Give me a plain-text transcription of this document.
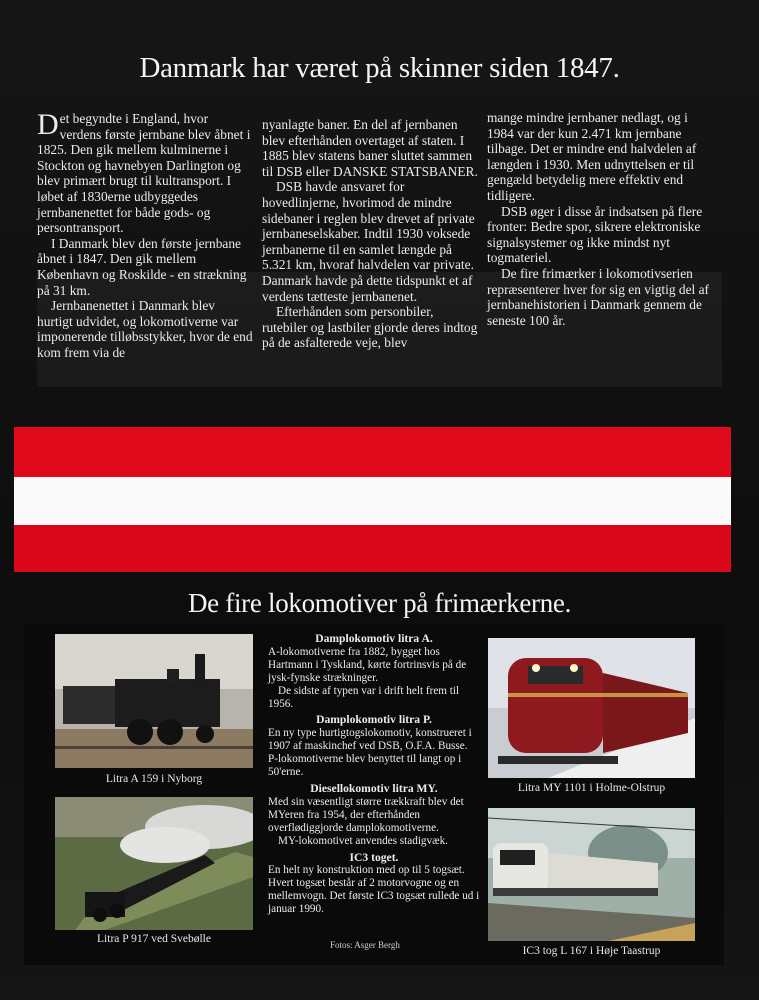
Danmark har været på skinner siden 1847.

Det begyndte i England, hvor verdens første jernbane blev åbnet i 1825. Den gik mellem kulminerne i Stockton og havnebyen Darlington og blev primært brugt til kultransport. I løbet af 1830erne udbyggedes jernbanenettet for både gods- og persontransport.

I Danmark blev den første jernbane åbnet i 1847. Den gik mellem København og Roskilde - en strækning på 31 km.

Jernbanenettet i Danmark blev hurtigt udvidet, og lokomotiverne var imponerende tilløbsstykker, hvor de end kom frem via de

nyanlagte baner. En del af jernbanen blev efterhånden overtaget af staten. I 1885 blev statens baner sluttet sammen til DSB eller DANSKE STATSBANER.

DSB havde ansvaret for hovedlinjerne, hvorimod de mindre sidebaner i reglen blev drevet af private jernbaneselskaber. Indtil 1930 voksede jernbanerne til en samlet længde på 5.321 km, hvoraf halvdelen var private. Danmark havde på dette tidspunkt et af verdens tætteste jernbanenet.

Efterhånden som personbiler, rutebiler og lastbiler gjorde deres indtog på de asfalterede veje, blev

mange mindre jernbaner nedlagt, og i 1984 var der kun 2.471 km jernbane tilbage. Det er mindre end halvdelen af længden i 1930. Men udnyttelsen er til gengæld betydelig mere effektiv end tidligere.

DSB øger i disse år indsatsen på flere fronter: Bedre spor, sikrere elektroniske signalsystemer og ikke mindst nyt togmateriel.

De fire frimærker i lokomotivserien repræsenterer hver for sig en vigtig del af jernbanehistorien i Danmark gennem de seneste 100 år.

De fire lokomotiver på frimærkerne.
Litra A 159 i Nyborg
Litra P 917 ved Svebølle
Litra MY 1101 i Holme-Olstrup
IC3 tog L 167 i Høje Taastrup
Damplokomotiv litra A.

A-lokomotiverne fra 1882, bygget hos Hartmann i Tyskland, kørte fortrinsvis på de jysk-fynske strækninger.

De sidste af typen var i drift helt frem til 1956.

Damplokomotiv litra P.

En ny type hurtigtogslokomotiv, konstrueret i 1907 af maskinchef ved DSB, O.F.A. Busse. P-lokomotiverne blev benyttet til langt op i 50'erne.

Diesellokomotiv litra MY.

Med sin væsentligt større trækkraft blev det MYeren fra 1954, der efterhånden overflødiggjorde damplokomotiverne.

MY-lokomotivet anvendes stadigvæk.

IC3 toget.

En helt ny konstruktion med op til 5 togsæt. Hvert togsæt består af 2 motorvogne og en mellemvogn. Det første IC3 togsæt rullede ud i januar 1990.

Fotos: Asger Bergh
